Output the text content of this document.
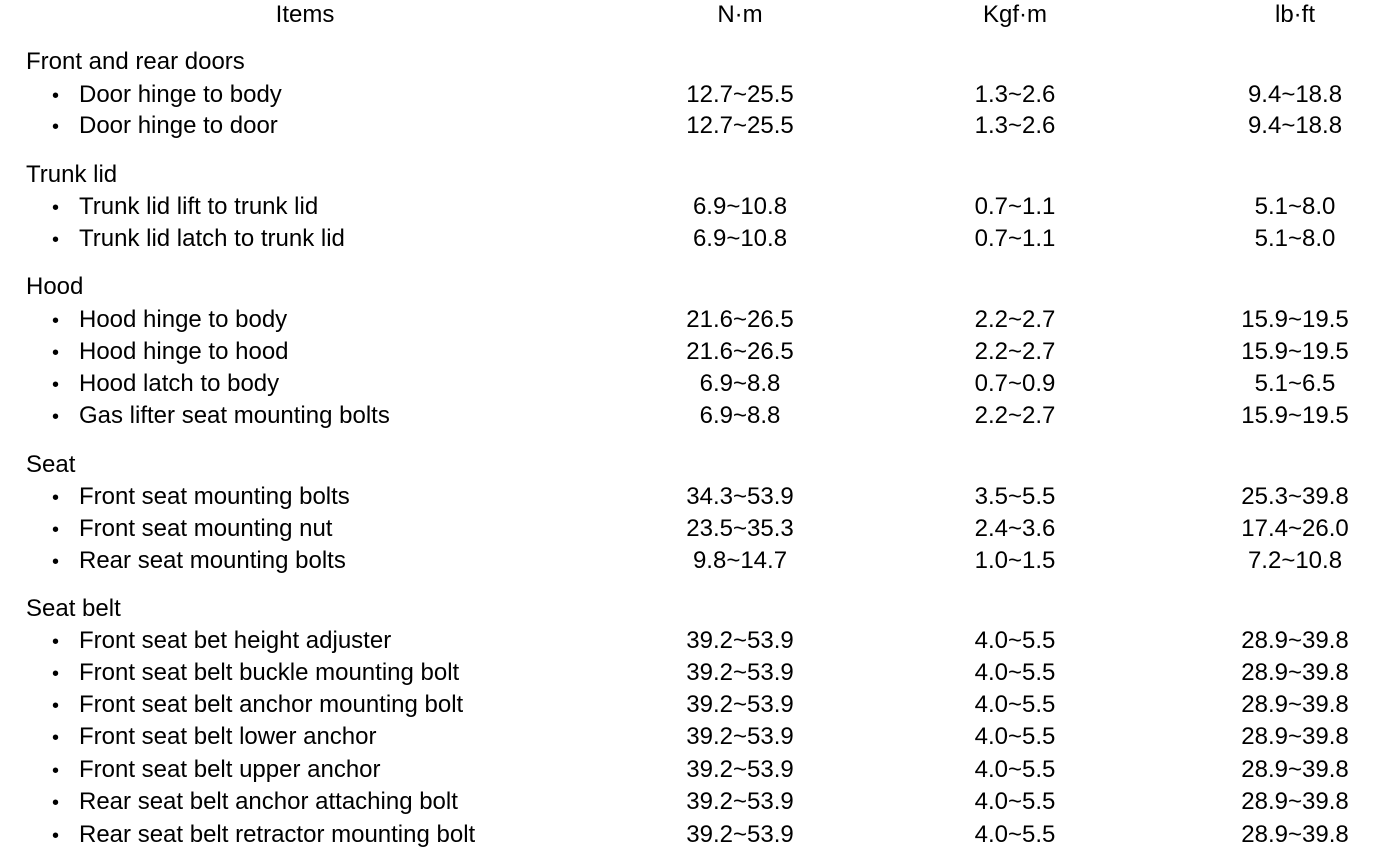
Items	N·m	Kgf·m	lb·ft
Front and rear doors
• Door hinge to body	12.7~25.5	1.3~2.6	9.4~18.8
• Door hinge to door	12.7~25.5	1.3~2.6	9.4~18.8
Trunk lid
• Trunk lid lift to trunk lid	6.9~10.8	0.7~1.1	5.1~8.0
• Trunk lid latch to trunk lid	6.9~10.8	0.7~1.1	5.1~8.0
Hood
• Hood hinge to body	21.6~26.5	2.2~2.7	15.9~19.5
• Hood hinge to hood	21.6~26.5	2.2~2.7	15.9~19.5
• Hood latch to body	6.9~8.8	0.7~0.9	5.1~6.5
• Gas lifter seat mounting bolts	6.9~8.8	2.2~2.7	15.9~19.5
Seat
• Front seat mounting bolts	34.3~53.9	3.5~5.5	25.3~39.8
• Front seat mounting nut	23.5~35.3	2.4~3.6	17.4~26.0
• Rear seat mounting bolts	9.8~14.7	1.0~1.5	7.2~10.8
Seat belt
• Front seat bet height adjuster	39.2~53.9	4.0~5.5	28.9~39.8
• Front seat belt buckle mounting bolt	39.2~53.9	4.0~5.5	28.9~39.8
• Front seat belt anchor mounting bolt	39.2~53.9	4.0~5.5	28.9~39.8
• Front seat belt lower anchor	39.2~53.9	4.0~5.5	28.9~39.8
• Front seat belt upper anchor	39.2~53.9	4.0~5.5	28.9~39.8
• Rear seat belt anchor attaching bolt	39.2~53.9	4.0~5.5	28.9~39.8
• Rear seat belt retractor mounting bolt	39.2~53.9	4.0~5.5	28.9~39.8
